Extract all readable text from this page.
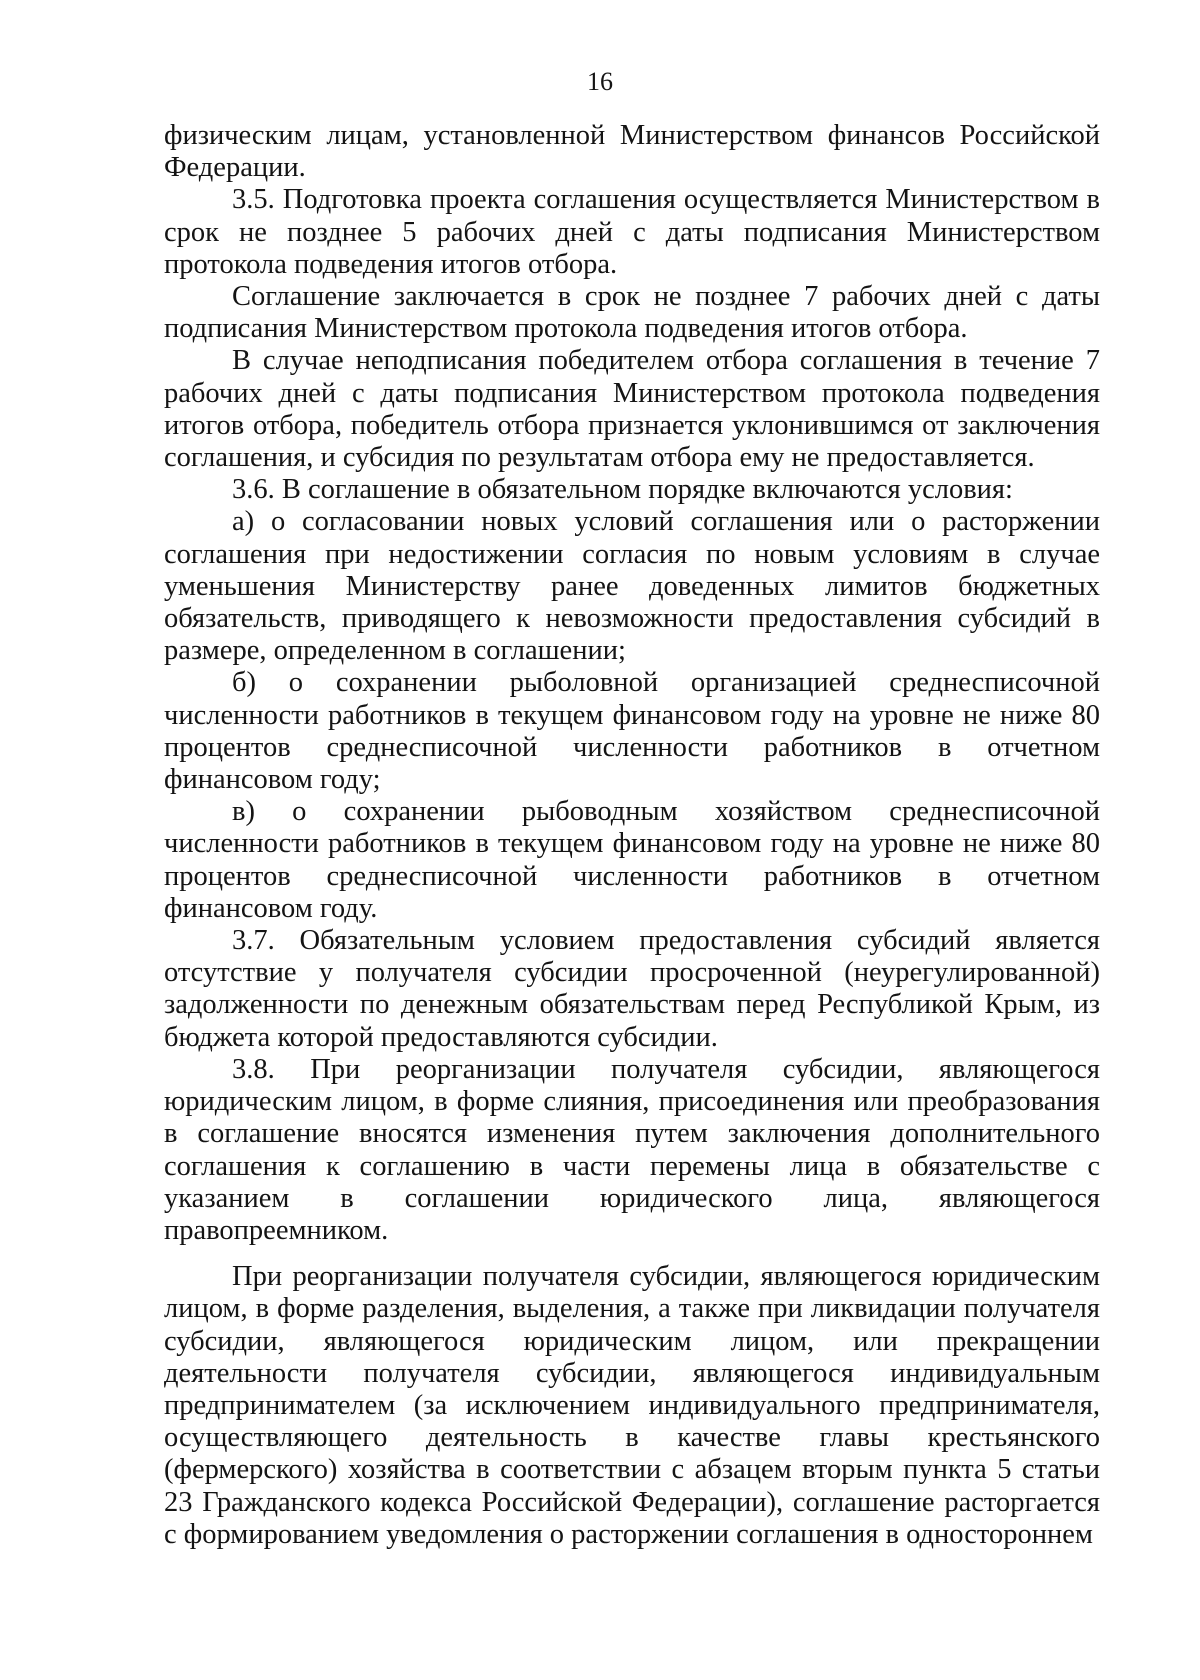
16

физическим лицам, установленной Министерством финансов Российской Федерации.

3.5. Подготовка проекта соглашения осуществляется Министерством в срок не позднее 5 рабочих дней с даты подписания Министерством протокола подведения итогов отбора.

Соглашение заключается в срок не позднее 7 рабочих дней с даты подписания Министерством протокола подведения итогов отбора.

В случае неподписания победителем отбора соглашения в течение 7 рабочих дней с даты подписания Министерством протокола подведения итогов отбора, победитель отбора признается уклонившимся от заключения соглашения, и субсидия по результатам отбора ему не предоставляется.

3.6. В соглашение в обязательном порядке включаются условия:

а) о согласовании новых условий соглашения или о расторжении соглашения при недостижении согласия по новым условиям в случае уменьшения Министерству ранее доведенных лимитов бюджетных обязательств, приводящего к невозможности предоставления субсидий в размере, определенном в соглашении;

б) о сохранении рыболовной организацией среднесписочной численности работников в текущем финансовом году на уровне не ниже 80 процентов среднесписочной численности работников в отчетном финансовом году;

в) о сохранении рыбоводным хозяйством среднесписочной численности работников в текущем финансовом году на уровне не ниже 80 процентов среднесписочной численности работников в отчетном финансовом году.

3.7. Обязательным условием предоставления субсидий является отсутствие у получателя субсидии просроченной (неурегулированной) задолженности по денежным обязательствам перед Республикой Крым, из бюджета которой предоставляются субсидии.

3.8. При реорганизации получателя субсидии, являющегося юридическим лицом, в форме слияния, присоединения или преобразования в соглашение вносятся изменения путем заключения дополнительного соглашения к соглашению в части перемены лица в обязательстве с указанием в соглашении юридического лица, являющегося правопреемником.

При реорганизации получателя субсидии, являющегося юридическим лицом, в форме разделения, выделения, а также при ликвидации получателя субсидии, являющегося юридическим лицом, или прекращении деятельности получателя субсидии, являющегося индивидуальным предпринимателем (за исключением индивидуального предпринимателя, осуществляющего деятельность в качестве главы крестьянского (фермерского) хозяйства в соответствии с абзацем вторым пункта 5 статьи 23 Гражданского кодекса Российской Федерации), соглашение расторгается с формированием уведомления о расторжении соглашения в одностороннем
